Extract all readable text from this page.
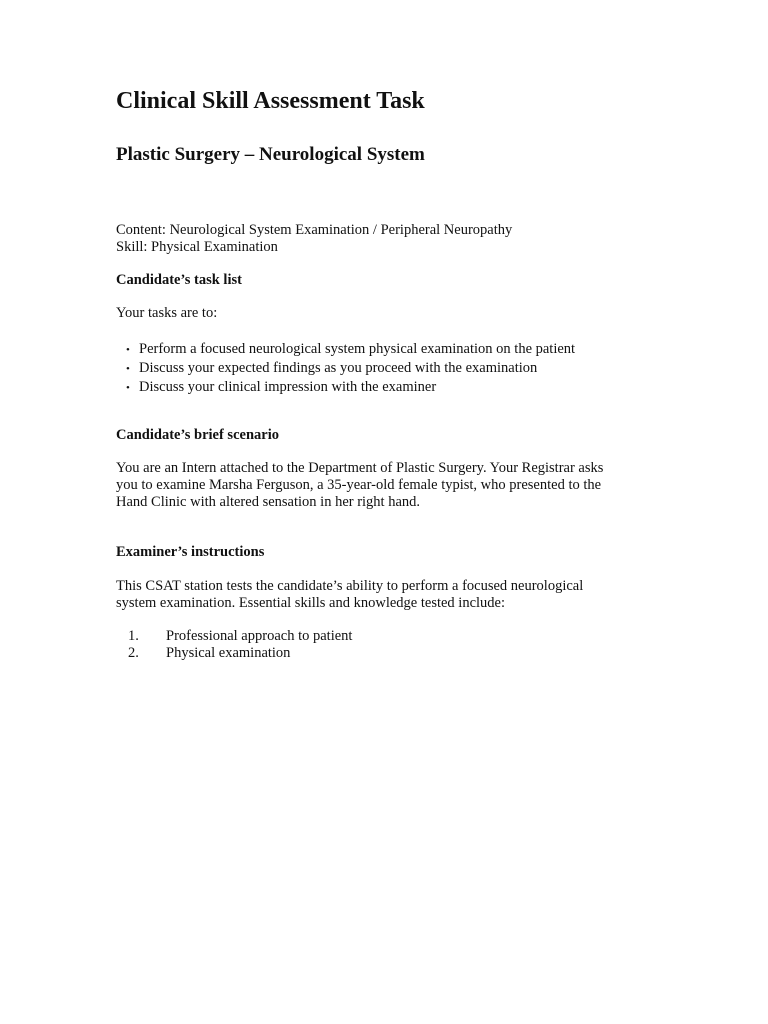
Clinical Skill Assessment Task
Plastic Surgery – Neurological System

Content: Neurological System Examination / Peripheral Neuropathy

Skill: Physical Examination

Candidate’s task list

Your tasks are to:

• Perform a focused neurological system physical examination on the patient
• Discuss your expected findings as you proceed with the examination
• Discuss your clinical impression with the examiner

Candidate’s brief scenario

You are an Intern attached to the Department of Plastic Surgery. Your Registrar asks

you to examine Marsha Ferguson, a 35-year-old female typist, who presented to the

Hand Clinic with altered sensation in her right hand.

Examiner’s instructions

This CSAT station tests the candidate’s ability to perform a focused neurological

system examination. Essential skills and knowledge tested include:

1.	Professional approach to patient
2.	Physical examination
